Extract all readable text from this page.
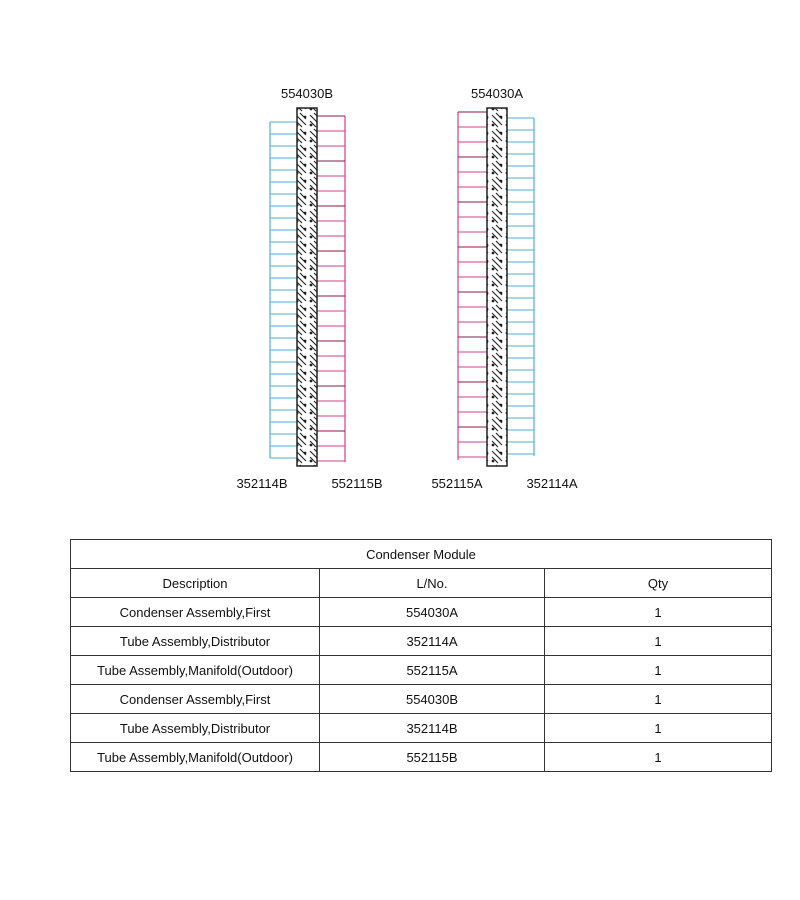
554030B
352114B	552115B
554030A
552115A	352114A
Condenser Module		
Description	L/No.	Qty
Condenser Assembly,First	554030A	1
Tube Assembly,Distributor	352114A	1
Tube Assembly,Manifold(Outdoor)	552115A	1
Condenser Assembly,First	554030B	1
Tube Assembly,Distributor	352114B	1
Tube Assembly,Manifold(Outdoor)	552115B	1
